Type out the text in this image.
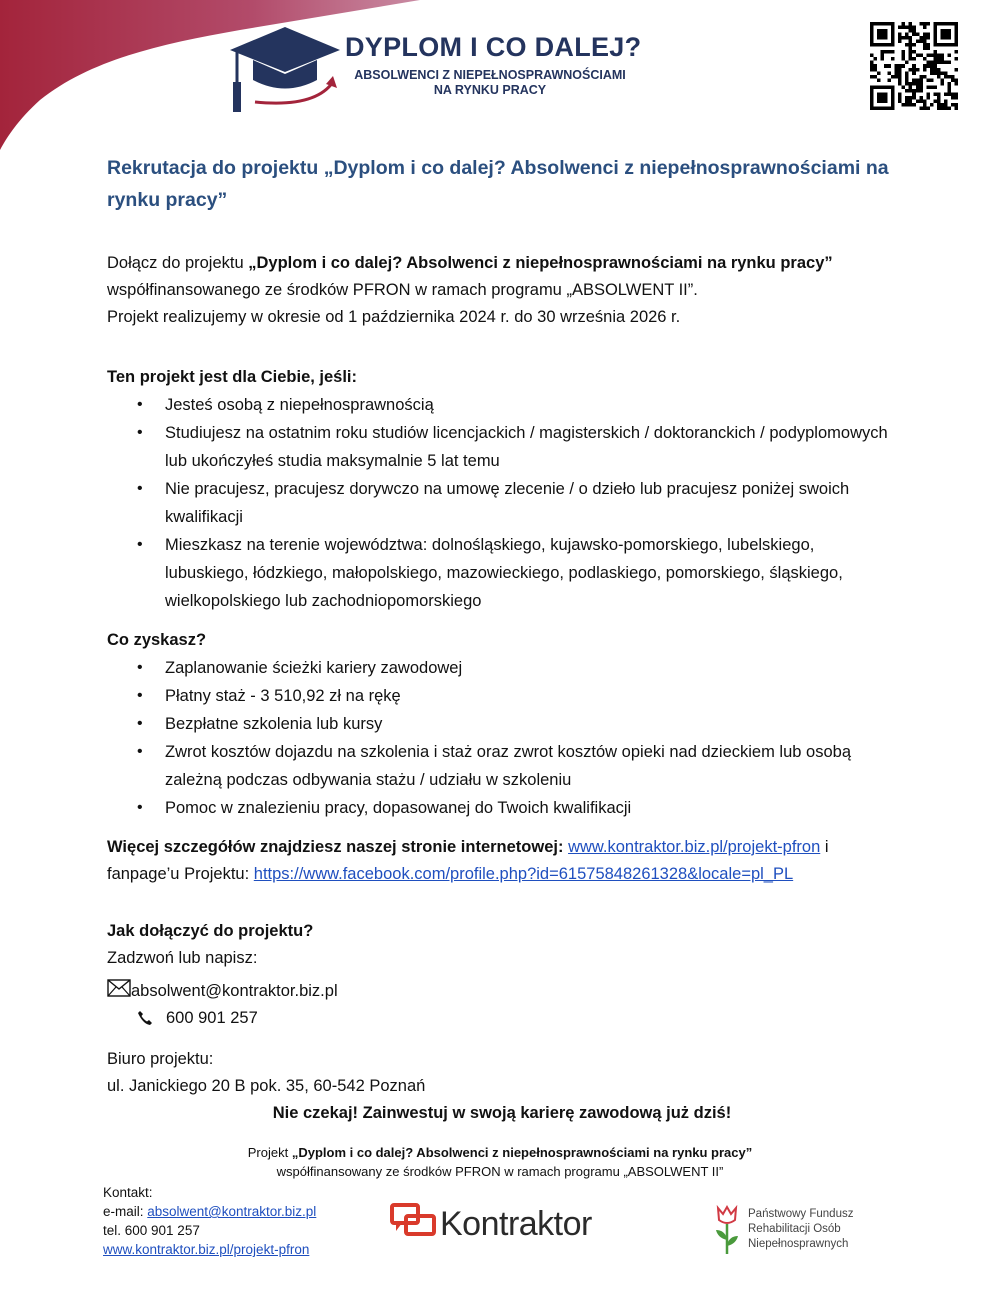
DYPLOM I CO DALEJ?
ABSOLWENCI Z NIEPEŁNOSPRAWNOŚCIAMI NA RYNKU PRACY
Rekrutacja do projektu „Dyplom i co dalej? Absolwenci z niepełnosprawnościami na rynku pracy”

Dołącz do projektu „Dyplom i co dalej? Absolwenci z niepełnosprawnościami na rynku pracy”

współfinansowanego ze środków PFRON w ramach programu „ABSOLWENT II”.

Projekt realizujemy w okresie od 1 października 2024 r. do 30 września 2026 r.

Ten projekt jest dla Ciebie, jeśli:

• Jesteś osobą z niepełnosprawnością
• Studiujesz na ostatnim roku studiów licencjackich / magisterskich / doktoranckich / podyplomowych lub ukończyłeś studia maksymalnie 5 lat temu
• Nie pracujesz, pracujesz dorywczo na umowę zlecenie / o dzieło lub pracujesz poniżej swoich kwalifikacji
• Mieszkasz na terenie województwa: dolnośląskiego, kujawsko-pomorskiego, lubelskiego, lubuskiego, łódzkiego, małopolskiego, mazowieckiego, podlaskiego, pomorskiego, śląskiego, wielkopolskiego lub zachodniopomorskiego

Co zyskasz?

• Zaplanowanie ścieżki kariery zawodowej
• Płatny staż - 3 510,92 zł na rękę
• Bezpłatne szkolenia lub kursy
• Zwrot kosztów dojazdu na szkolenia i staż oraz zwrot kosztów opieki nad dzieckiem lub osobą zależną podczas odbywania stażu / udziału w szkoleniu
• Pomoc w znalezieniu pracy, dopasowanej do Twoich kwalifikacji

Więcej szczegółów znajdziesz naszej stronie internetowej: www.kontraktor.biz.pl/projekt-pfron i

fanpage’u Projektu: https://www.facebook.com/profile.php?id=61575848261328&locale=pl_PL

Jak dołączyć do projektu?

Zadzwoń lub napisz:

absolwent@kontraktor.biz.pl
600 901 257

Biuro projektu:

ul. Janickiego 20 B pok. 35, 60-542 Poznań

Nie czekaj! Zainwestuj w swoją karierę zawodową już dziś!

Projekt „Dyplom i co dalej? Absolwenci z niepełnosprawnościami na rynku pracy”
współfinansowany ze środków PFRON w ramach programu „ABSOLWENT II”
Kontakt:
e-mail: absolwent@kontraktor.biz.pl
tel. 600 901 257
www.kontraktor.biz.pl/projekt-pfron
Kontraktor	Państwowy Fundusz
Rehabilitacji Osób
Niepełnosprawnych
